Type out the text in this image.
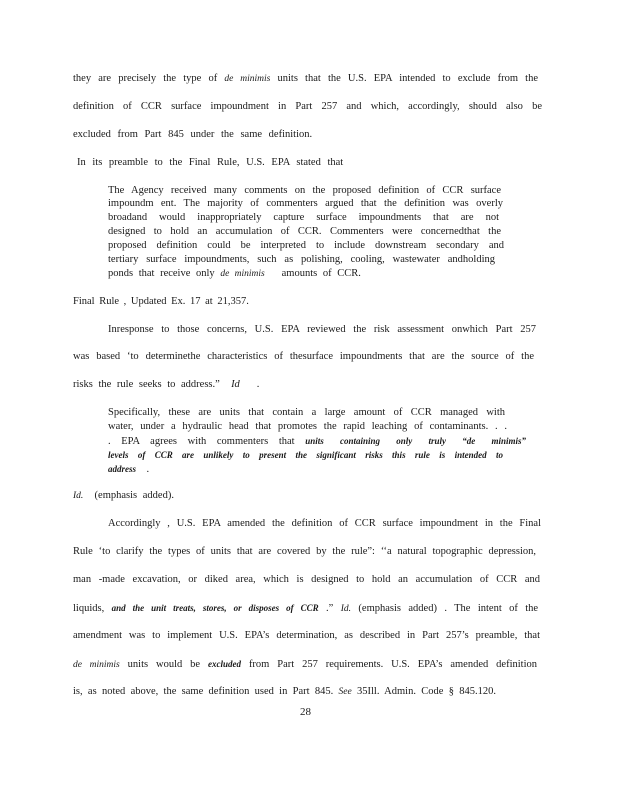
they are precisely the type of de minimis units that the U.S. EPA intended to exclude from the
definition of CCR surface impoundment in Part 257 and which, accordingly, should also be
excluded from Part 845 under the same definition.
In its preamble to the Final Rule, U.S. EPA stated that
The Agency received many comments on the proposed definition of CCR surface
impoundm ent. The majority of commenters argued that the definition was overly
broadand would inappropriately capture surface impoundments that are not
designed to hold an accumulation of CCR. Commenters were concernedthat the
proposed definition could be interpreted to include downstream secondary and
tertiary surface impoundments, such as polishing, cooling, wastewater andholding
ponds that receive only de minimis amounts of CCR.
Final Rule , Updated Ex. 17 at 21,357.
Inresponse to those concerns, U.S. EPA reviewed the risk assessment onwhich Part 257
was based ‘to determinethe characteristics of thesurface impoundments that are the source of the
risks the rule seeks to address.” Id .
Specifically, these are units that contain a large amount of CCR managed with
water, under a hydraulic head that promotes the rapid leaching of contaminants. . .
. EPA agrees with commenters that units containing only truly “de minimis”
levels of CCR are unlikely to present the significant risks this rule is intended to
address .
Id. (emphasis added).
Accordingly , U.S. EPA amended the definition of CCR surface impoundment in the Final
Rule ‘to clarify the types of units that are covered by the rule”: ‘‘a natural topographic depression,
man -made excavation, or diked area, which is designed to hold an accumulation of CCR and
liquids, and the unit treats, stores, or disposes of CCR .” Id. (emphasis added) . The intent of the
amendment was to implement U.S. EPA’s determination, as described in Part 257’s preamble, that
de minimis units would be excluded from Part 257 requirements. U.S. EPA’s amended definition
is, as noted above, the same definition used in Part 845. See 35Ill. Admin. Code § 845.120.
28
